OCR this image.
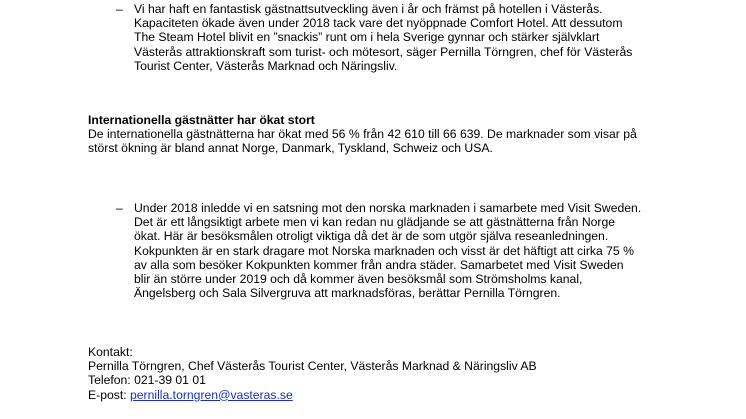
– Vi har haft en fantastisk gästnattsutveckling även i år och främst på hotellen i Västerås.
Kapaciteten ökade även under 2018 tack vare det nyöppnade Comfort Hotel. Att dessutom
The Steam Hotel blivit en ”snackis” runt om i hela Sverige gynnar och stärker självklart
Västerås attraktionskraft som turist- och mötesort, säger Pernilla Törngren, chef för Västerås
Tourist Center, Västerås Marknad och Näringsliv.
Internationella gästnätter har ökat stort
De internationella gästnätterna har ökat med 56 % från 42 610 till 66 639. De marknader som visar på
störst ökning är bland annat Norge, Danmark, Tyskland, Schweiz och USA.
– Under 2018 inledde vi en satsning mot den norska marknaden i samarbete med Visit Sweden.
Det är ett långsiktigt arbete men vi kan redan nu glädjande se att gästnätterna från Norge
ökat. Här är besöksmålen otroligt viktiga då det är de som utgör själva reseanledningen.
Kokpunkten är en stark dragare mot Norska marknaden och visst är det häftigt att cirka 75 %
av alla som besöker Kokpunkten kommer från andra städer. Samarbetet med Visit Sweden
blir än större under 2019 och då kommer även besöksmål som Strömsholms kanal,
Ängelsberg och Sala Silvergruva att marknadsföras, berättar Pernilla Törngren.
Kontakt:
Pernilla Törngren, Chef Västerås Tourist Center, Västerås Marknad & Näringsliv AB
Telefon: 021-39 01 01
E-post: pernilla.torngren@vasteras.se
